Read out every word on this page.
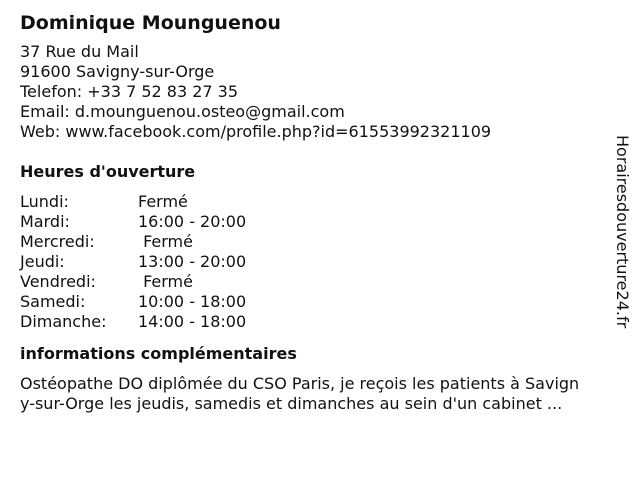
Dominique Mounguenou
37 Rue du Mail
91600 Savigny-sur-Orge
Telefon: +33 7 52 83 27 35
Email: d.mounguenou.osteo@gmail.com
Web: www.facebook.com/profile.php?id=61553992321109
Heures d'ouverture
Lundi:	Fermé
Mardi:	16:00 - 20:00
Mercredi:	Fermé
Jeudi:	13:00 - 20:00
Vendredi:	Fermé
Samedi:	10:00 - 18:00
Dimanche:	14:00 - 18:00
informations complémentaires
Ostéopathe DO diplômée du CSO Paris, je reçois les patients à Savign
y-sur-Orge les jeudis, samedis et dimanches au sein d'un cabinet ...
Horairesdouverture24.fr
